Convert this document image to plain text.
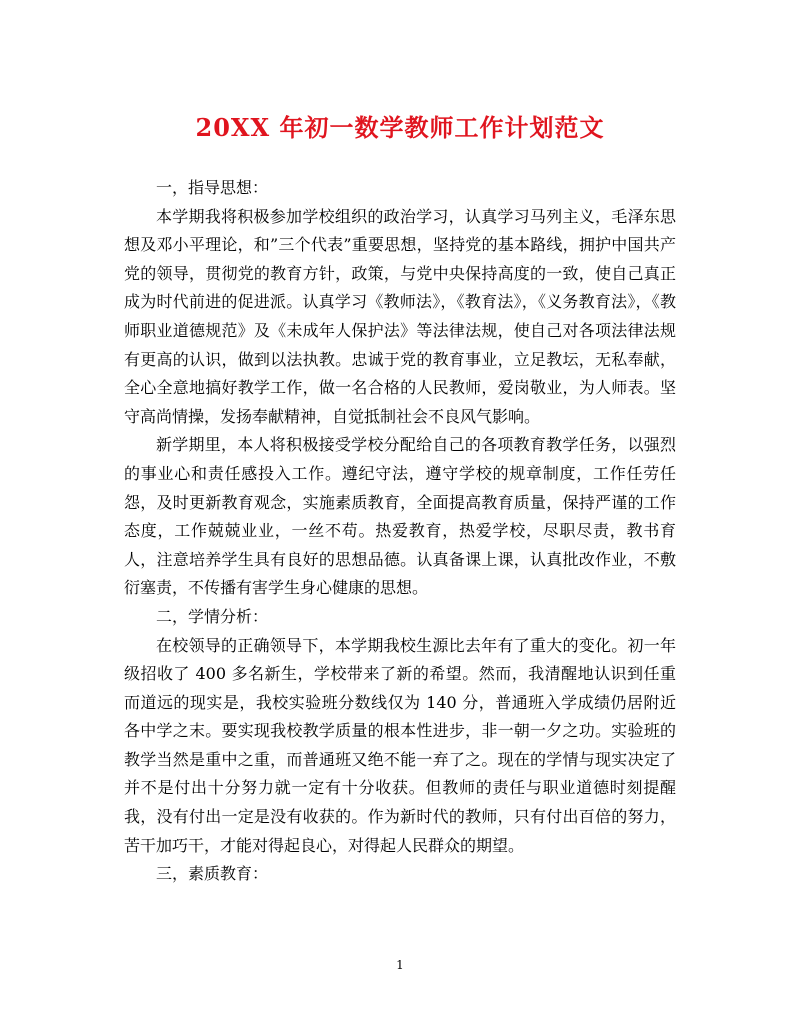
20XX 年初一数学教师工作计划范文

一，指导思想：

本学期我将积极参加学校组织的政治学习，认真学习马列主义，毛泽东思想及邓小平理论，和”三个代表”重要思想，坚持党的基本路线，拥护中国共产党的领导，贯彻党的教育方针，政策，与党中央保持高度的一致，使自己真正成为时代前进的促进派。认真学习《教师法》，《教育法》，《义务教育法》，《教师职业道德规范》及《未成年人保护法》等法律法规，使自己对各项法律法规有更高的认识，做到以法执教。忠诚于党的教育事业，立足教坛，无私奉献，全心全意地搞好教学工作，做一名合格的人民教师，爱岗敬业，为人师表。坚守高尚情操，发扬奉献精神，自觉抵制社会不良风气影响。

新学期里，本人将积极接受学校分配给自己的各项教育教学任务，以强烈的事业心和责任感投入工作。遵纪守法，遵守学校的规章制度，工作任劳任怨，及时更新教育观念，实施素质教育，全面提高教育质量，保持严谨的工作态度，工作兢兢业业，一丝不苟。热爱教育，热爱学校，尽职尽责，教书育人，注意培养学生具有良好的思想品德。认真备课上课，认真批改作业，不敷衍塞责，不传播有害学生身心健康的思想。

二，学情分析：

在校领导的正确领导下，本学期我校生源比去年有了重大的变化。初一年级招收了 400 多名新生，学校带来了新的希望。然而，我清醒地认识到任重而道远的现实是，我校实验班分数线仅为 140 分，普通班入学成绩仍居附近各中学之末。要实现我校教学质量的根本性进步，非一朝一夕之功。实验班的教学当然是重中之重，而普通班又绝不能一弃了之。现在的学情与现实决定了并不是付出十分努力就一定有十分收获。但教师的责任与职业道德时刻提醒我，没有付出一定是没有收获的。作为新时代的教师，只有付出百倍的努力，苦干加巧干，才能对得起良心，对得起人民群众的期望。

三，素质教育：

1
